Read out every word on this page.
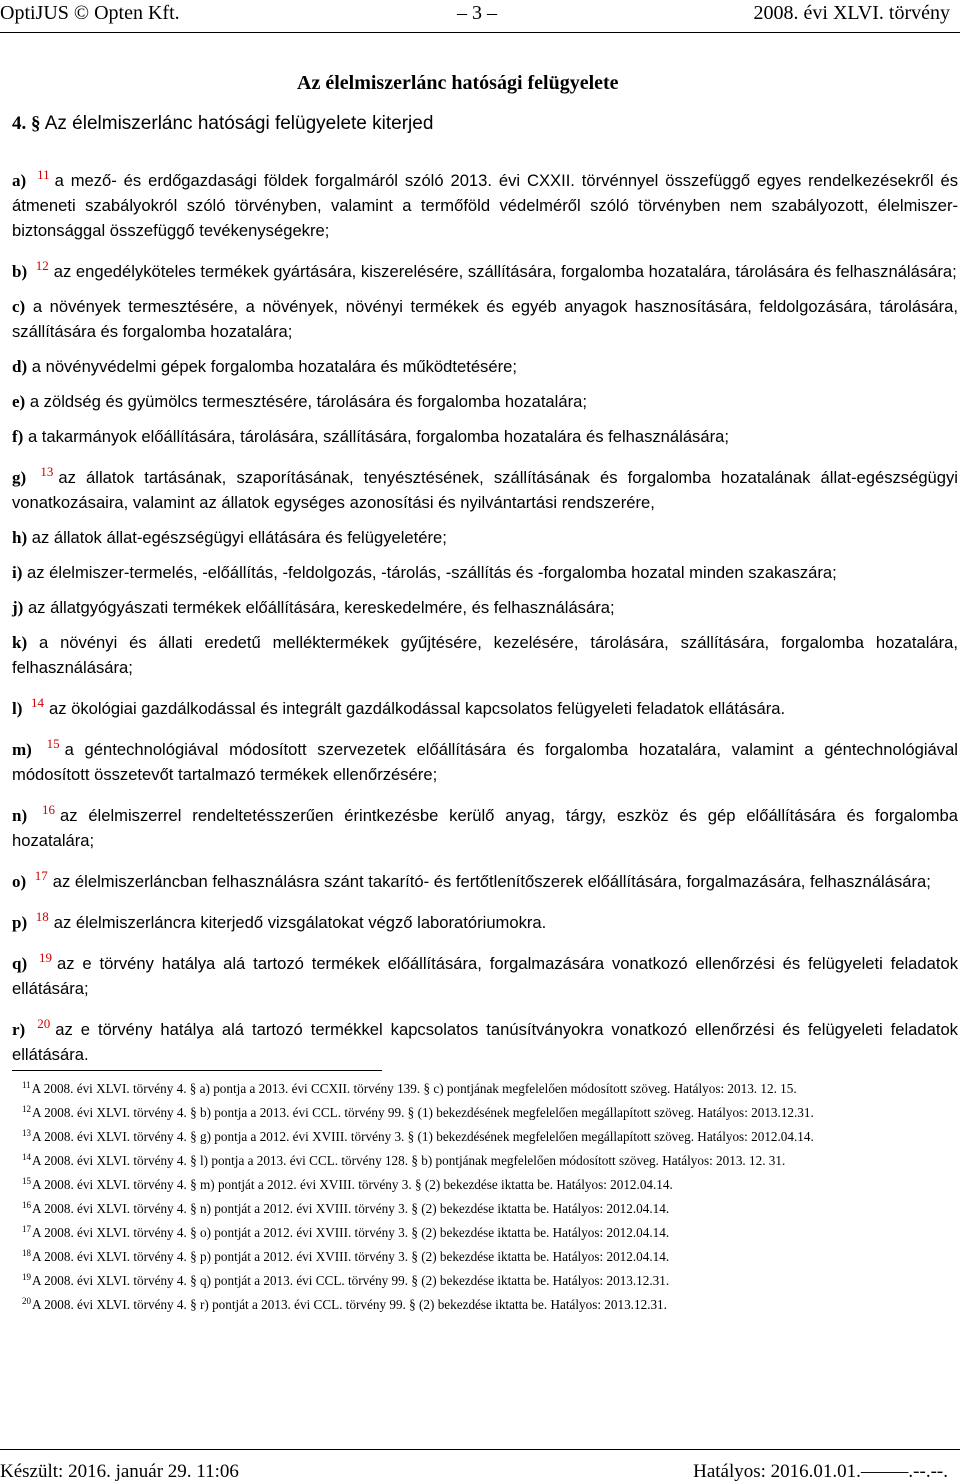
OptiJUS © Opten Kft.	– 3 –	2008. évi XLVI. törvény
Az élelmiszerlánc hatósági felügyelete
4. § Az élelmiszerlánc hatósági felügyelete kiterjed
a) $^{11}$ a mező- és erdőgazdasági földek forgalmáról szóló 2013. évi CXXII. törvénnyel összefüggő egyes rendelkezésekről és átmeneti szabályokról szóló törvényben, valamint a termőföld védelméről szóló törvényben nem szabályozott, élelmiszer-biztonsággal összefüggő tevékenységekre;
b) $^{12}$ az engedélyköteles termékek gyártására, kiszerelésére, szállítására, forgalomba hozatalára, tárolására és felhasználására;
c) a növények termesztésére, a növények, növényi termékek és egyéb anyagok hasznosítására, feldolgozására, tárolására, szállítására és forgalomba hozatalára;
d) a növényvédelmi gépek forgalomba hozatalára és működtetésére;
e) a zöldség és gyümölcs termesztésére, tárolására és forgalomba hozatalára;
f) a takarmányok előállítására, tárolására, szállítására, forgalomba hozatalára és felhasználására;
g) $^{13}$ az állatok tartásának, szaporításának, tenyésztésének, szállításának és forgalomba hozatalának állat-egészségügyi vonatkozásaira, valamint az állatok egységes azonosítási és nyilvántartási rendszerére,
h) az állatok állat-egészségügyi ellátására és felügyeletére;
i) az élelmiszer-termelés, -előállítás, -feldolgozás, -tárolás, -szállítás és -forgalomba hozatal minden szakaszára;
j) az állatgyógyászati termékek előállítására, kereskedelmére, és felhasználására;
k) a növényi és állati eredetű melléktermékek gyűjtésére, kezelésére, tárolására, szállítására, forgalomba hozatalára, felhasználására;
l) $^{14}$ az ökológiai gazdálkodással és integrált gazdálkodással kapcsolatos felügyeleti feladatok ellátására.
m) $^{15}$ a géntechnológiával módosított szervezetek előállítására és forgalomba hozatalára, valamint a géntechnológiával módosított összetevőt tartalmazó termékek ellenőrzésére;
n) $^{16}$ az élelmiszerrel rendeltetésszerűen érintkezésbe kerülő anyag, tárgy, eszköz és gép előállítására és forgalomba hozatalára;
o) $^{17}$ az élelmiszerláncban felhasználásra szánt takarító- és fertőtlenítőszerek előállítására, forgalmazására, felhasználására;
p) $^{18}$ az élelmiszerláncra kiterjedő vizsgálatokat végző laboratóriumokra.
q) $^{19}$ az e törvény hatálya alá tartozó termékek előállítására, forgalmazására vonatkozó ellenőrzési és felügyeleti feladatok ellátására;
r) $^{20}$ az e törvény hatálya alá tartozó termékkel kapcsolatos tanúsítványokra vonatkozó ellenőrzési és felügyeleti feladatok ellátására.
$^{11}$A 2008. évi XLVI. törvény 4. § a) pontja a 2013. évi CCXII. törvény 139. § c) pontjának megfelelően módosított szöveg. Hatályos: 2013. 12. 15.
$^{12}$A 2008. évi XLVI. törvény 4. § b) pontja a 2013. évi CCL. törvény 99. § (1) bekezdésének megfelelően megállapított szöveg. Hatályos: 2013.12.31.
$^{13}$A 2008. évi XLVI. törvény 4. § g) pontja a 2012. évi XVIII. törvény 3. § (1) bekezdésének megfelelően megállapított szöveg. Hatályos: 2012.04.14.
$^{14}$A 2008. évi XLVI. törvény 4. § l) pontja a 2013. évi CCL. törvény 128. § b) pontjának megfelelően módosított szöveg. Hatályos: 2013. 12. 31.
$^{15}$A 2008. évi XLVI. törvény 4. § m) pontját a 2012. évi XVIII. törvény 3. § (2) bekezdése iktatta be. Hatályos: 2012.04.14.
$^{16}$A 2008. évi XLVI. törvény 4. § n) pontját a 2012. évi XVIII. törvény 3. § (2) bekezdése iktatta be. Hatályos: 2012.04.14.
$^{17}$A 2008. évi XLVI. törvény 4. § o) pontját a 2012. évi XVIII. törvény 3. § (2) bekezdése iktatta be. Hatályos: 2012.04.14.
$^{18}$A 2008. évi XLVI. törvény 4. § p) pontját a 2012. évi XVIII. törvény 3. § (2) bekezdése iktatta be. Hatályos: 2012.04.14.
$^{19}$A 2008. évi XLVI. törvény 4. § q) pontját a 2013. évi CCL. törvény 99. § (2) bekezdése iktatta be. Hatályos: 2013.12.31.
$^{20}$A 2008. évi XLVI. törvény 4. § r) pontját a 2013. évi CCL. törvény 99. § (2) bekezdése iktatta be. Hatályos: 2013.12.31.
Készült: 2016. január 29. 11:06	Hatályos: 2016.01.01.–––––.--.--.
